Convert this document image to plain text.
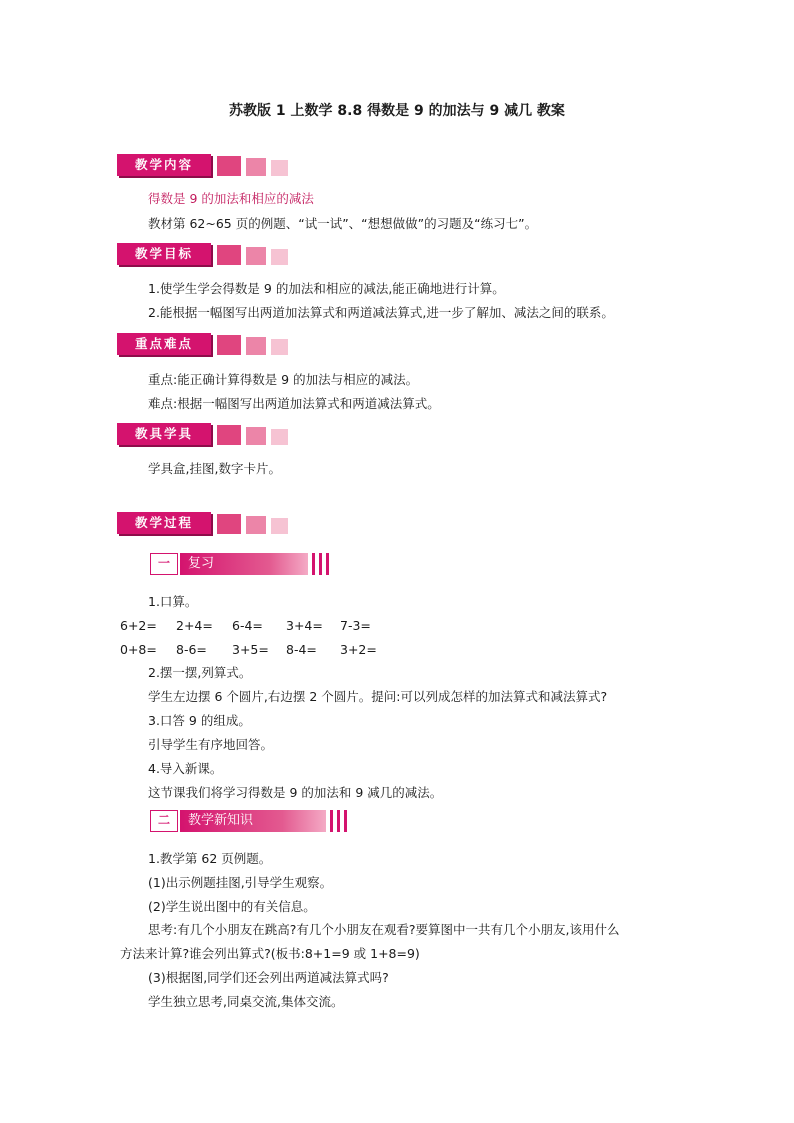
苏教版 1 上数学 8.8 得数是 9 的加法与 9 减几 教案
教学内容
得数是 9 的加法和相应的减法
教材第 62~65 页的例题、“试一试”、“想想做做”的习题及“练习七”。
教学目标
1.使学生学会得数是 9 的加法和相应的减法,能正确地进行计算。
2.能根据一幅图写出两道加法算式和两道减法算式,进一步了解加、减法之间的联系。
重点难点
重点:能正确计算得数是 9 的加法与相应的减法。
难点:根据一幅图写出两道加法算式和两道减法算式。
教具学具
学具盒,挂图,数字卡片。
教学过程
一	复习
1.口算。
6+2= 2+4= 6-4= 3+4= 7-3=
0+8= 8-6= 3+5= 8-4= 3+2=
2.摆一摆,列算式。
学生左边摆 6 个圆片,右边摆 2 个圆片。提问:可以列成怎样的加法算式和减法算式?
3.口答 9 的组成。
引导学生有序地回答。
4.导入新课。
这节课我们将学习得数是 9 的加法和 9 减几的减法。
二	教学新知识
1.教学第 62 页例题。
(1)出示例题挂图,引导学生观察。
(2)学生说出图中的有关信息。
思考:有几个小朋友在跳高?有几个小朋友在观看?要算图中一共有几个小朋友,该用什么
方法来计算?谁会列出算式?(板书:8+1=9 或 1+8=9)
(3)根据图,同学们还会列出两道减法算式吗?
学生独立思考,同桌交流,集体交流。
